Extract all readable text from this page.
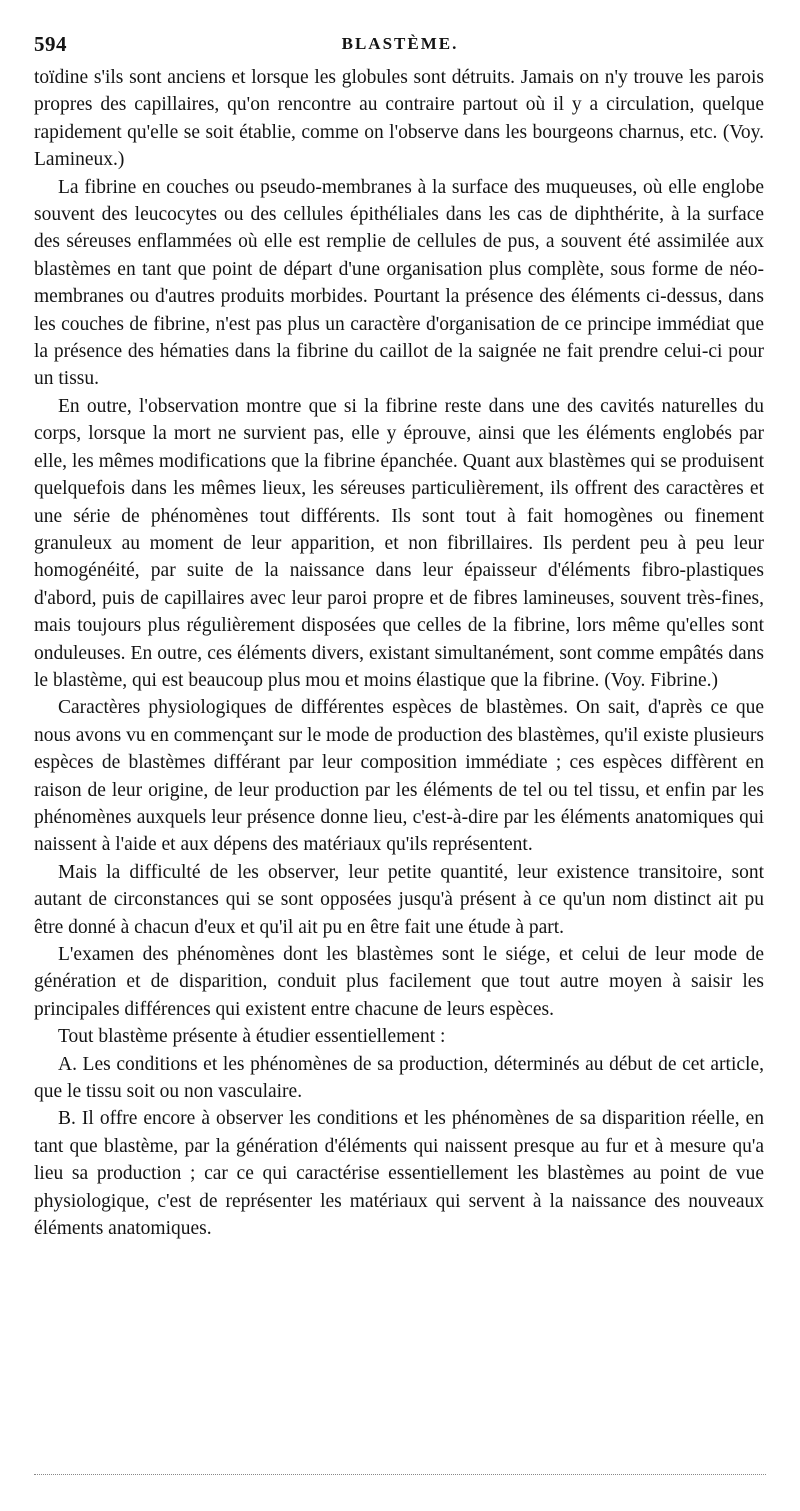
594	BLASTÈME.

toïdine s'ils sont anciens et lorsque les globules sont détruits. Jamais on n'y trouve les parois propres des capillaires, qu'on rencontre au contraire partout où il y a circulation, quelque rapidement qu'elle se soit établie, comme on l'observe dans les bourgeons charnus, etc. (Voy. Lamineux.)

La fibrine en couches ou pseudo-membranes à la surface des muqueuses, où elle englobe souvent des leucocytes ou des cellules épithéliales dans les cas de diphthérite, à la surface des séreuses enflammées où elle est remplie de cellules de pus, a souvent été assimilée aux blastèmes en tant que point de départ d'une organisation plus complète, sous forme de néo-membranes ou d'autres produits morbides. Pourtant la présence des éléments ci-dessus, dans les couches de fibrine, n'est pas plus un caractère d'organisation de ce principe immédiat que la présence des hématies dans la fibrine du caillot de la saignée ne fait prendre celui-ci pour un tissu.

En outre, l'observation montre que si la fibrine reste dans une des cavités naturelles du corps, lorsque la mort ne survient pas, elle y éprouve, ainsi que les éléments englobés par elle, les mêmes modifications que la fibrine épanchée. Quant aux blastèmes qui se produisent quelquefois dans les mêmes lieux, les séreuses particulièrement, ils offrent des caractères et une série de phénomènes tout différents. Ils sont tout à fait homogènes ou finement granuleux au moment de leur apparition, et non fibrillaires. Ils perdent peu à peu leur homogénéité, par suite de la naissance dans leur épaisseur d'éléments fibro-plastiques d'abord, puis de capillaires avec leur paroi propre et de fibres lamineuses, souvent très-fines, mais toujours plus régulièrement disposées que celles de la fibrine, lors même qu'elles sont onduleuses. En outre, ces éléments divers, existant simultanément, sont comme empâtés dans le blastème, qui est beaucoup plus mou et moins élastique que la fibrine. (Voy. Fibrine.)

Caractères physiologiques de différentes espèces de blastèmes. On sait, d'après ce que nous avons vu en commençant sur le mode de production des blastèmes, qu'il existe plusieurs espèces de blastèmes différant par leur composition immédiate ; ces espèces diffèrent en raison de leur origine, de leur production par les éléments de tel ou tel tissu, et enfin par les phénomènes auxquels leur présence donne lieu, c'est-à-dire par les éléments anatomiques qui naissent à l'aide et aux dépens des matériaux qu'ils représentent.

Mais la difficulté de les observer, leur petite quantité, leur existence transitoire, sont autant de circonstances qui se sont opposées jusqu'à présent à ce qu'un nom distinct ait pu être donné à chacun d'eux et qu'il ait pu en être fait une étude à part.

L'examen des phénomènes dont les blastèmes sont le siége, et celui de leur mode de génération et de disparition, conduit plus facilement que tout autre moyen à saisir les principales différences qui existent entre chacune de leurs espèces.

Tout blastème présente à étudier essentiellement :

A. Les conditions et les phénomènes de sa production, déterminés au début de cet article, que le tissu soit ou non vasculaire.

B. Il offre encore à observer les conditions et les phénomènes de sa disparition réelle, en tant que blastème, par la génération d'éléments qui naissent presque au fur et à mesure qu'a lieu sa production ; car ce qui caractérise essentiellement les blastèmes au point de vue physiologique, c'est de représenter les matériaux qui servent à la naissance des nouveaux éléments anatomiques.
